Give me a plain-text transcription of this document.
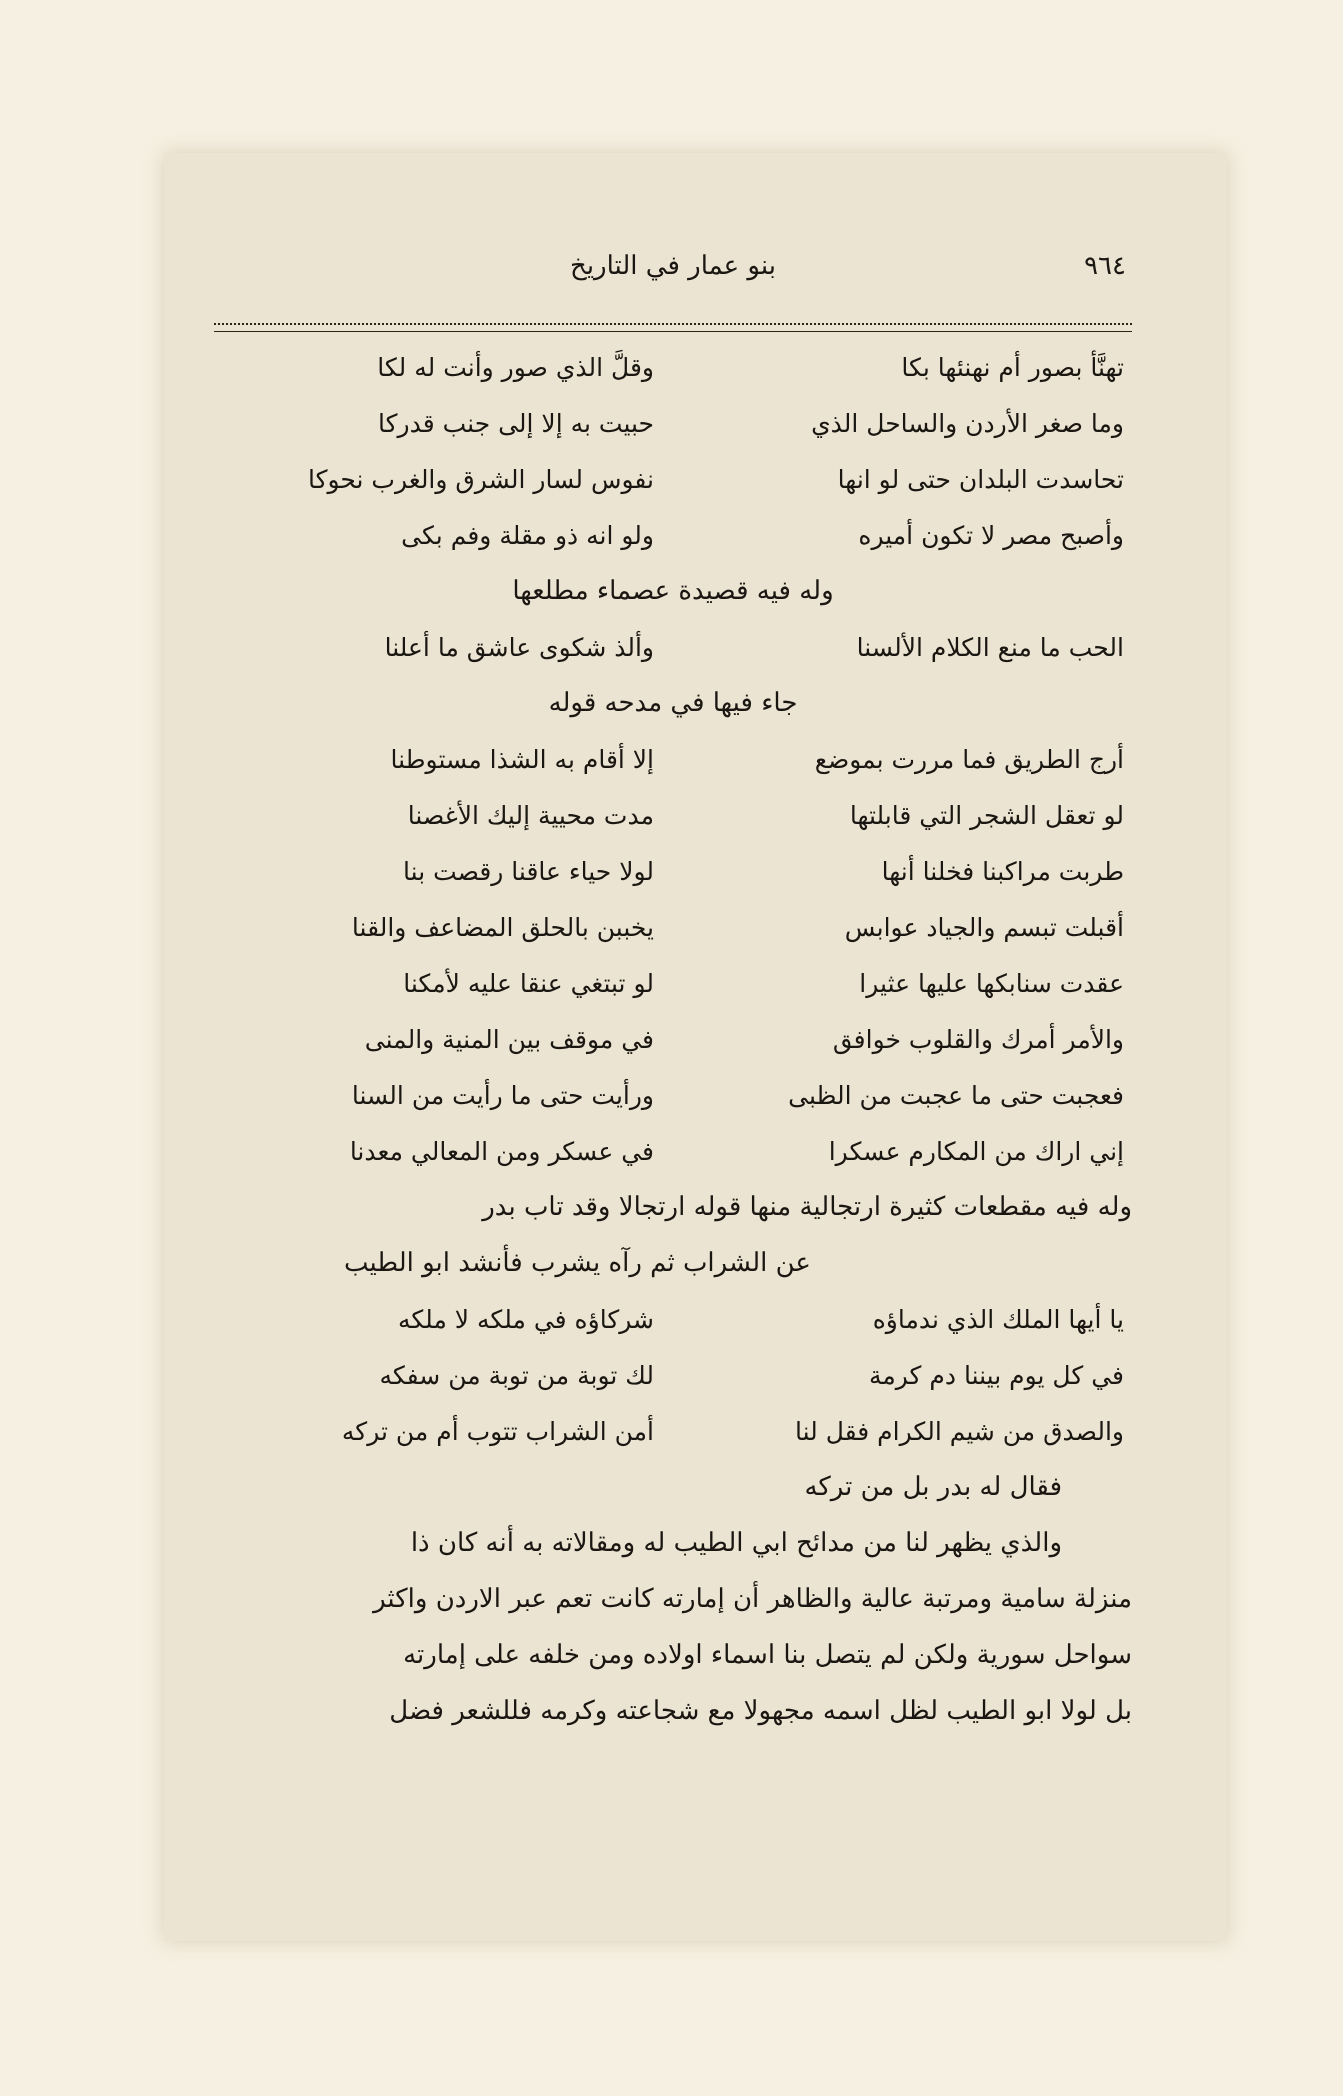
بنو عمار في التاريخ	٩٦٤
تهنَّأ بصور أم نهنئها بكا
وقلَّ الذي صور وأنت له لكا
وما صغر الأردن والساحل الذي
حبيت به إلا إلى جنب قدركا
تحاسدت البلدان حتى لو انها
نفوس لسار الشرق والغرب نحوكا
وأصبح مصر لا تكون أميره
ولو انه ذو مقلة وفم بكى
وله فيه قصيدة عصماء مطلعها
الحب ما منع الكلام الألسنا
وألذ شكوى عاشق ما أعلنا
جاء فيها في مدحه قوله
أرج الطريق فما مررت بموضع
إلا أقام به الشذا مستوطنا
لو تعقل الشجر التي قابلتها
مدت محيية إليك الأغصنا
طربت مراكبنا فخلنا أنها
لولا حياء عاقنا رقصت بنا
أقبلت تبسم والجياد عوابس
يخببن بالحلق المضاعف والقنا
عقدت سنابكها عليها عثيرا
لو تبتغي عنقا عليه لأمكنا
والأمر أمرك والقلوب خوافق
في موقف بين المنية والمنى
فعجبت حتى ما عجبت من الظبى
ورأيت حتى ما رأيت من السنا
إني اراك من المكارم عسكرا
في عسكر ومن المعالي معدنا
وله فيه مقطعات كثيرة ارتجالية منها قوله ارتجالا وقد تاب بدر
عن الشراب ثم رآه يشرب فأنشد ابو الطيب
يا أيها الملك الذي ندماؤه
شركاؤه في ملكه لا ملكه
في كل يوم بيننا دم كرمة
لك توبة من توبة من سفكه
والصدق من شيم الكرام فقل لنا
أمن الشراب تتوب أم من تركه
فقال له بدر بل من تركه
والذي يظهر لنا من مدائح ابي الطيب له ومقالاته به أنه كان ذا
منزلة سامية ومرتبة عالية والظاهر أن إمارته كانت تعم عبر الاردن واكثر
سواحل سورية ولكن لم يتصل بنا اسماء اولاده ومن خلفه على إمارته
بل لولا ابو الطيب لظل اسمه مجهولا مع شجاعته وكرمه فللشعر فضل
